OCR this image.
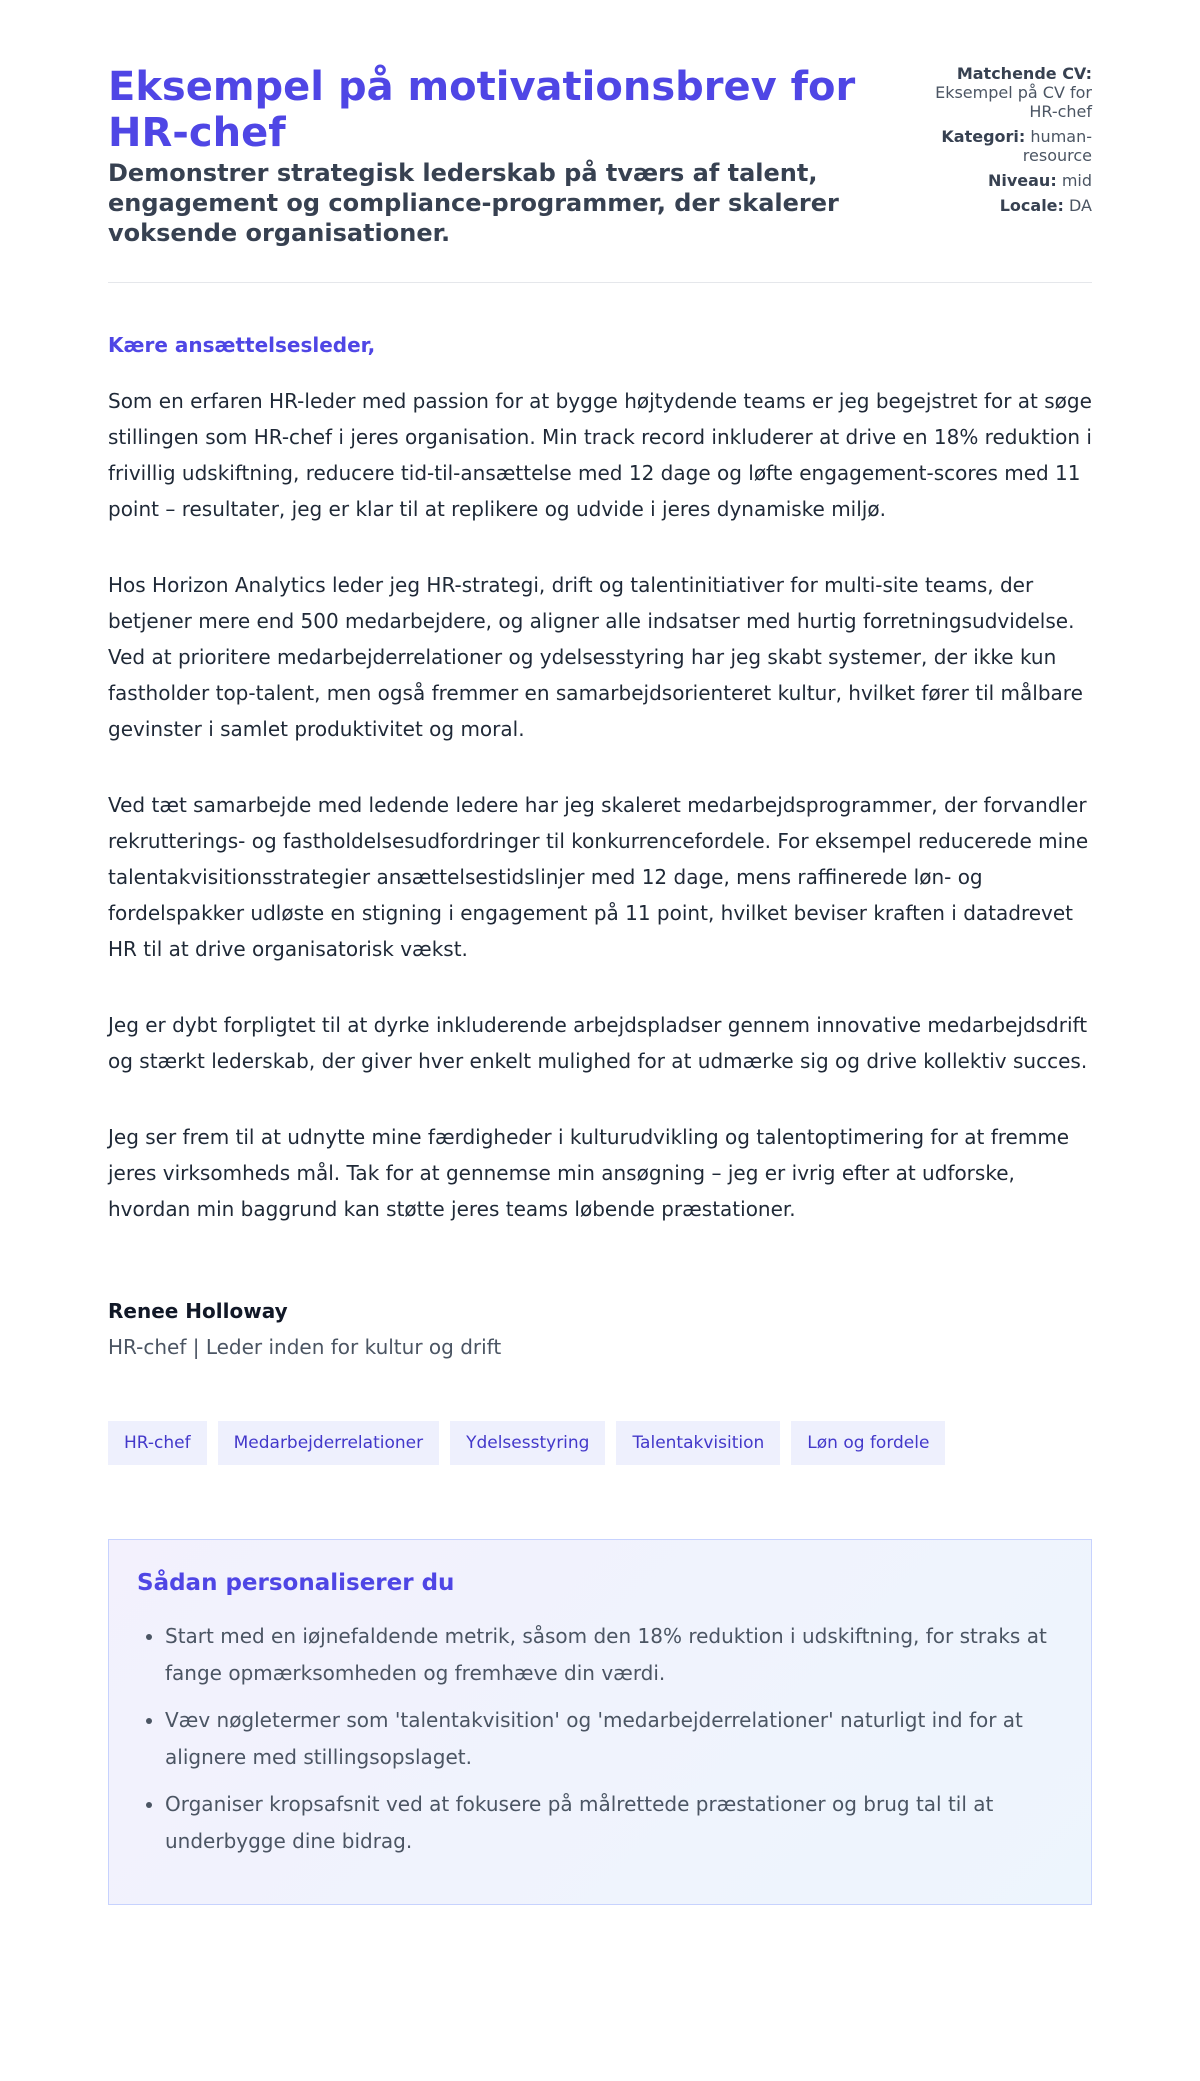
Eksempel på motivationsbrev for HR-chef
Demonstrer strategisk lederskab på tværs af talent, engagement og compliance-programmer, der skalerer voksende organisationer.
Matchende CV: Eksempel på CV for HR-chef
Kategori: human-resource
Niveau: mid
Locale: DA
Kære ansættelsesleder,

Som en erfaren HR-leder med passion for at bygge højtydende teams er jeg begejstret for at søge stillingen som HR-chef i jeres organisation. Min track record inkluderer at drive en 18% reduktion i frivillig udskiftning, reducere tid-til-ansættelse med 12 dage og løfte engagement-scores med 11 point – resultater, jeg er klar til at replikere og udvide i jeres dynamiske miljø.

Hos Horizon Analytics leder jeg HR-strategi, drift og talentinitiativer for multi-site teams, der betjener mere end 500 medarbejdere, og aligner alle indsatser med hurtig forretningsudvidelse. Ved at prioritere medarbejderrelationer og ydelsesstyring har jeg skabt systemer, der ikke kun fastholder top-talent, men også fremmer en samarbejdsorienteret kultur, hvilket fører til målbare gevinster i samlet produktivitet og moral.

Ved tæt samarbejde med ledende ledere har jeg skaleret medarbejdsprogrammer, der forvandler rekrutterings- og fastholdelsesudfordringer til konkurrencefordele. For eksempel reducerede mine talentakvisitionsstrategier ansættelsestidslinjer med 12 dage, mens raffinerede løn- og fordelspakker udløste en stigning i engagement på 11 point, hvilket beviser kraften i datadrevet HR til at drive organisatorisk vækst.

Jeg er dybt forpligtet til at dyrke inkluderende arbejdspladser gennem innovative medarbejdsdrift og stærkt lederskab, der giver hver enkelt mulighed for at udmærke sig og drive kollektiv succes.

Jeg ser frem til at udnytte mine færdigheder i kulturudvikling og talentoptimering for at fremme jeres virksomheds mål. Tak for at gennemse min ansøgning – jeg er ivrig efter at udforske, hvordan min baggrund kan støtte jeres teams løbende præstationer.

Renee Holloway
HR-chef | Leder inden for kultur og drift
HR-chef	Medarbejderrelationer	Ydelsesstyring	Talentakvisition	Løn og fordele
Sådan personaliserer du
• Start med en iøjnefaldende metrik, såsom den 18% reduktion i udskiftning, for straks at fange opmærksomheden og fremhæve din værdi.
• Væv nøgletermer som 'talentakvisition' og 'medarbejderrelationer' naturligt ind for at alignere med stillingsopslaget.
• Organiser kropsafsnit ved at fokusere på målrettede præstationer og brug tal til at underbygge dine bidrag.
